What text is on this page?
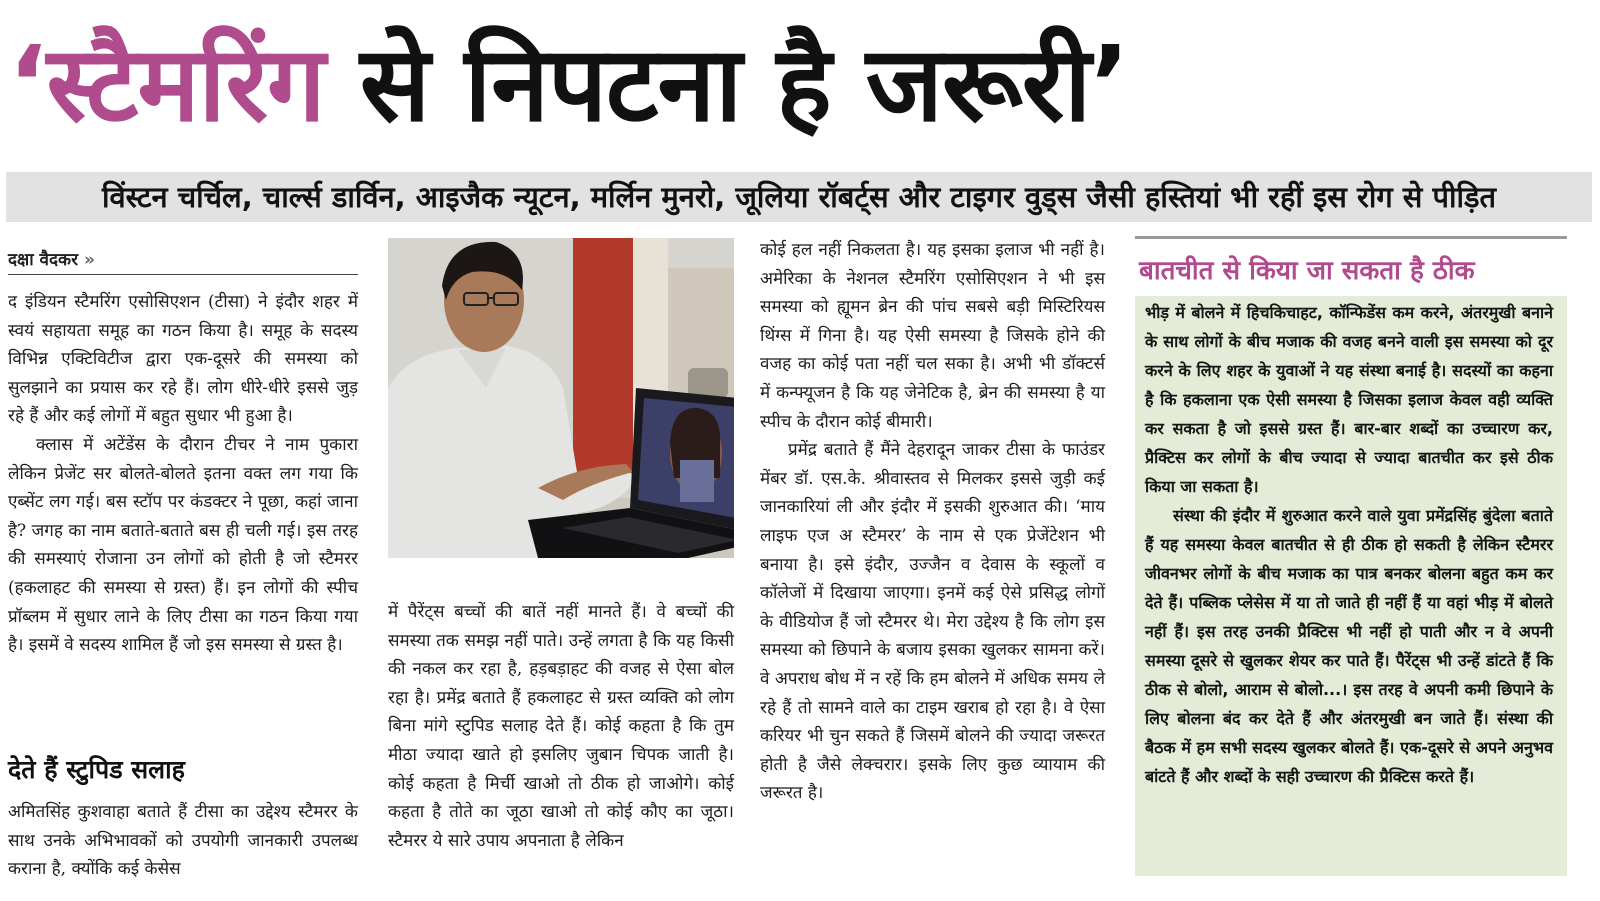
‘स्टैमरिंग से निपटना है जरूरी’
विंस्टन चर्चिल, चार्ल्स डार्विन, आइजैक न्यूटन, मर्लिन मुनरो, जूलिया रॉबर्ट्स और टाइगर वुड्स जैसी हस्तियां भी रहीं इस रोग से पीड़ित
दक्षा वैदकर »

द इंडियन स्टैमरिंग एसोसिएशन (टीसा) ने इंदौर शहर में स्वयं सहायता समूह का गठन किया है। समूह के सदस्य विभिन्न एक्टिविटीज द्वारा एक-दूसरे की समस्या को सुलझाने का प्रयास कर रहे हैं। लोग धीरे-धीरे इससे जुड़ रहे हैं और कई लोगों में बहुत सुधार भी हुआ है।

क्लास में अटेंडेंस के दौरान टीचर ने नाम पुकारा लेकिन प्रेजेंट सर बोलते-बोलते इतना वक्त लग गया कि एब्सेंट लग गई। बस स्टॉप पर कंडक्टर ने पूछा, कहां जाना है? जगह का नाम बताते-बताते बस ही चली गई। इस तरह की समस्याएं रोजाना उन लोगों को होती है जो स्टैमरर (हकलाहट की समस्या से ग्रस्त) हैं। इन लोगों की स्पीच प्रॉब्लम में सुधार लाने के लिए टीसा का गठन किया गया है। इसमें वे सदस्य शामिल हैं जो इस समस्या से ग्रस्त है।

देते हैं स्टुपिड सलाह

अमितसिंह कुशवाहा बताते हैं टीसा का उद्देश्य स्टैमरर के साथ उनके अभिभावकों को उपयोगी जानकारी उपलब्ध कराना है, क्योंकि कई केसेस

में पैरेंट्स बच्चों की बातें नहीं मानते हैं। वे बच्चों की समस्या तक समझ नहीं पाते। उन्हें लगता है कि यह किसी की नकल कर रहा है, हड़बड़ाहट की वजह से ऐसा बोल रहा है। प्रमेंद्र बताते हैं हकलाहट से ग्रस्त व्यक्ति को लोग बिना मांगे स्टुपिड सलाह देते हैं। कोई कहता है कि तुम मीठा ज्यादा खाते हो इसलिए जुबान चिपक जाती है। कोई कहता है मिर्ची खाओ तो ठीक हो जाओगे। कोई कहता है तोते का जूठा खाओ तो कोई कौए का जूठा। स्टैमरर ये सारे उपाय अपनाता है लेकिन

कोई हल नहीं निकलता है। यह इसका इलाज भी नहीं है। अमेरिका के नेशनल स्टैमरिंग एसोसिएशन ने भी इस समस्या को ह्यूमन ब्रेन की पांच सबसे बड़ी मिस्टिरियस थिंग्स में गिना है। यह ऐसी समस्या है जिसके होने की वजह का कोई पता नहीं चल सका है। अभी भी डॉक्टर्स में कन्फ्यूजन है कि यह जेनेटिक है, ब्रेन की समस्या है या स्पीच के दौरान कोई बीमारी।

प्रमेंद्र बताते हैं मैंने देहरादून जाकर टीसा के फाउंडर मेंबर डॉ. एस.के. श्रीवास्तव से मिलकर इससे जुड़ी कई जानकारियां ली और इंदौर में इसकी शुरुआत की। ‘माय लाइफ एज अ स्टैमरर’ के नाम से एक प्रेजेंटेशन भी बनाया है। इसे इंदौर, उज्जैन व देवास के स्कूलों व कॉलेजों में दिखाया जाएगा। इनमें कई ऐसे प्रसिद्ध लोगों के वीडियोज हैं जो स्टैमरर थे। मेरा उद्देश्य है कि लोग इस समस्या को छिपाने के बजाय इसका खुलकर सामना करें। वे अपराध बोध में न रहें कि हम बोलने में अधिक समय ले रहे हैं तो सामने वाले का टाइम खराब हो रहा है। वे ऐसा करियर भी चुन सकते हैं जिसमें बोलने की ज्यादा जरूरत होती है जैसे लेक्चरार। इसके लिए कुछ व्यायाम की जरूरत है।

बातचीत से किया जा सकता है ठीक

भीड़ में बोलने में हिचकिचाहट, कॉन्फिडेंस कम करने, अंतरमुखी बनाने के साथ लोगों के बीच मजाक की वजह बनने वाली इस समस्या को दूर करने के लिए शहर के युवाओं ने यह संस्था बनाई है। सदस्यों का कहना है कि हकलाना एक ऐसी समस्या है जिसका इलाज केवल वही व्यक्ति कर सकता है जो इससे ग्रस्त हैं। बार-बार शब्दों का उच्चारण कर, प्रैक्टिस कर लोगों के बीच ज्यादा से ज्यादा बातचीत कर इसे ठीक किया जा सकता है।

संस्था की इंदौर में शुरुआत करने वाले युवा प्रमेंद्रसिंह बुंदेला बताते हैं यह समस्या केवल बातचीत से ही ठीक हो सकती है लेकिन स्टैमरर जीवनभर लोगों के बीच मजाक का पात्र बनकर बोलना बहुत कम कर देते हैं। पब्लिक प्लेसेस में या तो जाते ही नहीं हैं या वहां भीड़ में बोलते नहीं हैं। इस तरह उनकी प्रैक्टिस भी नहीं हो पाती और न वे अपनी समस्या दूसरे से खुलकर शेयर कर पाते हैं। पैरेंट्स भी उन्हें डांटते हैं कि ठीक से बोलो, आराम से बोलो...। इस तरह वे अपनी कमी छिपाने के लिए बोलना बंद कर देते हैं और अंतरमुखी बन जाते हैं। संस्था की बैठक में हम सभी सदस्य खुलकर बोलते हैं। एक-दूसरे से अपने अनुभव बांटते हैं और शब्दों के सही उच्चारण की प्रैक्टिस करते हैं।
